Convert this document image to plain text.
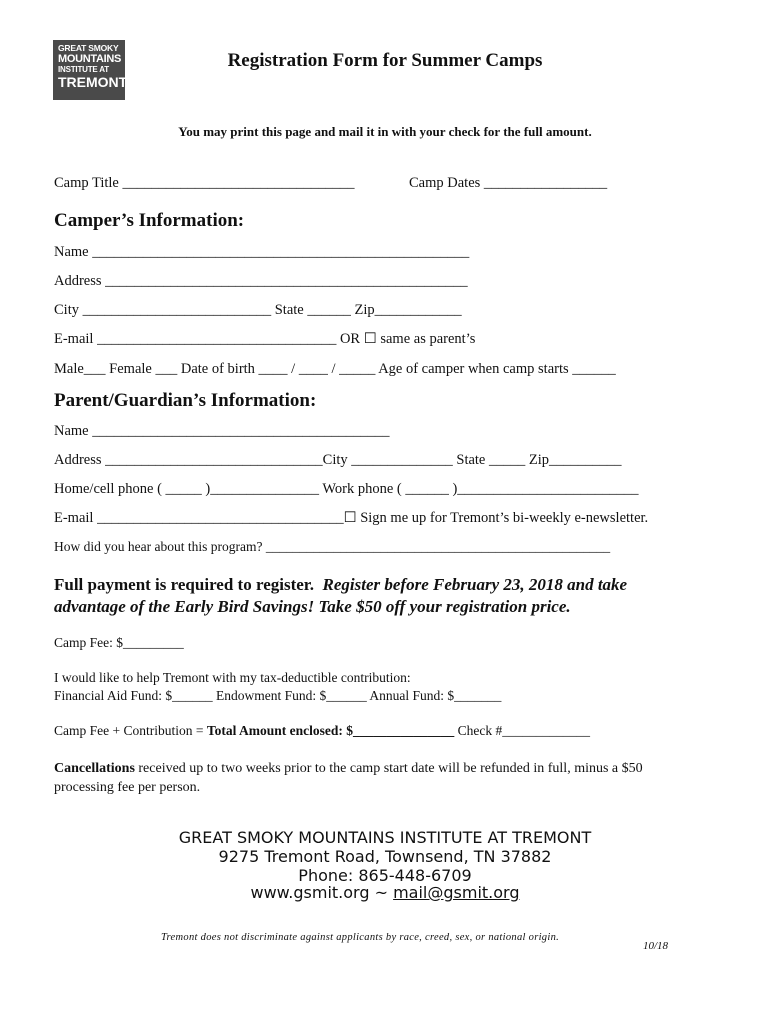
GREAT SMOKY
MOUNTAINS
INSTITUTE AT
TREMONT
Registration Form for Summer Camps
You may print this page and mail it in with your check for the full amount.
Camp Title ________________________________	Camp Dates _________________
Camper’s Information:
Name ____________________________________________________
Address __________________________________________________
City __________________________ State ______ Zip____________
E-mail _________________________________ OR ☐ same as parent’s
Male___ Female ___ Date of birth ____ / ____ / _____ Age of camper when camp starts ______
Parent/Guardian’s Information:
Name _________________________________________
Address ______________________________City ______________ State _____ Zip__________
Home/cell phone ( _____ )_______________ Work phone ( ______ )_________________________
E-mail __________________________________☐ Sign me up for Tremont’s bi-weekly e-newsletter.
How did you hear about this program? ___________________________________________________
Full payment is required to register. Register before February 23, 2018 and take
advantage of the Early Bird Savings! Take $50 off your registration price.
Camp Fee: $_________
I would like to help Tremont with my tax-deductible contribution:
Financial Aid Fund: $______ Endowment Fund: $______ Annual Fund: $_______
Camp Fee + Contribution = Total Amount enclosed: $_______________ Check #_____________
Cancellations received up to two weeks prior to the camp start date will be refunded in full, minus a $50
processing fee per person.
GREAT SMOKY MOUNTAINS INSTITUTE AT TREMONT
9275 Tremont Road, Townsend, TN 37882
Phone: 865-448-6709
www.gsmit.org ~ mail@gsmit.org
Tremont does not discriminate against applicants by race, creed, sex, or national origin.
10/18
